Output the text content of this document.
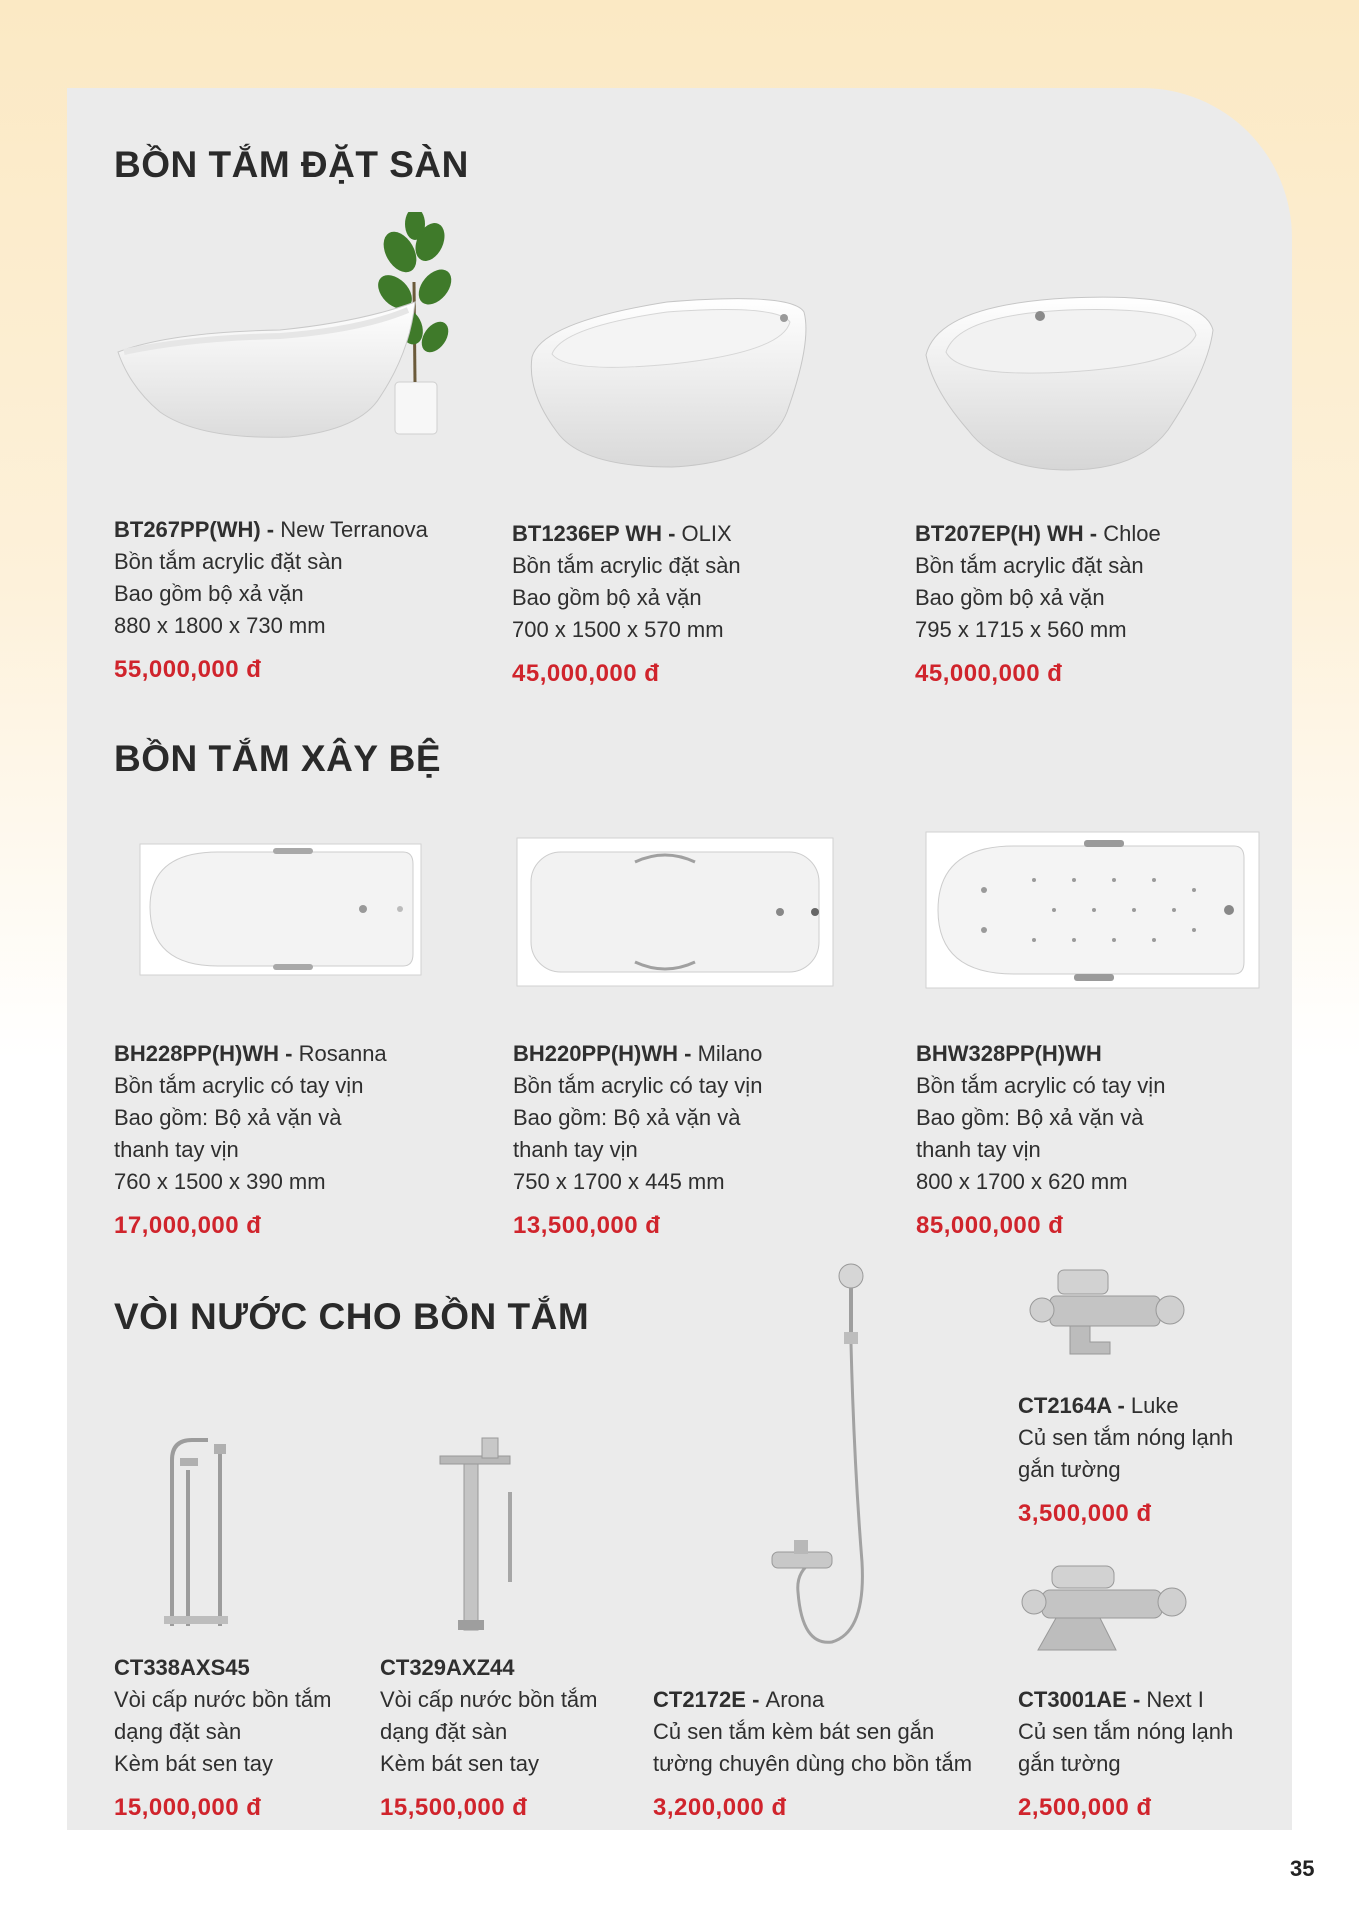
BỒN TẮM ĐẶT SÀN
BT267PP(WH) - New Terranova
Bồn tắm acrylic đặt sàn
Bao gồm bộ xả vặn
880 x 1800 x 730 mm
55,000,000 đ
BT1236EP WH - OLIX
Bồn tắm acrylic đặt sàn
Bao gồm bộ xả vặn
700 x 1500 x 570 mm
45,000,000 đ
BT207EP(H) WH - Chloe
Bồn tắm acrylic đặt sàn
Bao gồm bộ xả vặn
795 x 1715 x 560 mm
45,000,000 đ
BỒN TẮM XÂY BỆ
BH228PP(H)WH - Rosanna
Bồn tắm acrylic có tay vịn
Bao gồm: Bộ xả vặn và
thanh tay vịn
760 x 1500 x 390 mm
17,000,000 đ
BH220PP(H)WH - Milano
Bồn tắm acrylic có tay vịn
Bao gồm: Bộ xả vặn và
thanh tay vịn
750 x 1700 x 445 mm
13,500,000 đ
BHW328PP(H)WH
Bồn tắm acrylic có tay vịn
Bao gồm: Bộ xả vặn và
thanh tay vịn
800 x 1700 x 620 mm
85,000,000 đ
VÒI NƯỚC CHO BỒN TẮM
CT2164A - Luke
Củ sen tắm nóng lạnh
gắn tường
3,500,000 đ
CT338AXS45
Vòi cấp nước bồn tắm
dạng đặt sàn
Kèm bát sen tay
15,000,000 đ
CT329AXZ44
Vòi cấp nước bồn tắm
dạng đặt sàn
Kèm bát sen tay
15,500,000 đ
CT2172E - Arona
Củ sen tắm kèm bát sen gắn
tường chuyên dùng cho bồn tắm
3,200,000 đ
CT3001AE - Next I
Củ sen tắm nóng lạnh
gắn tường
2,500,000 đ
35
